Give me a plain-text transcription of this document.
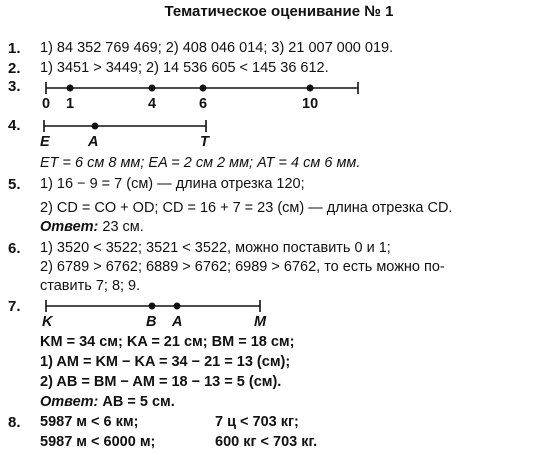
Тематическое оценивание № 1
1. 1) 84 352 769 469; 2) 408 046 014; 3) 21 007 000 019.
2. 1) 3451 > 3449; 2) 14 536 605 < 145 36 612.
3.
0 1	4	6	10
4.
E	A	T
ET = 6 см 8 мм; EA = 2 см 2 мм; AT = 4 см 6 мм.
5. 1) 16 − 9 = 7 (см) — длина отрезка 120;
2) CD = CO + OD; CD = 16 + 7 = 23 (см) — длина отрезка CD.
Ответ: 23 см.
6. 1) 3520 < 3522; 3521 < 3522, можно поставить 0 и 1;
2) 6789 > 6762; 6889 > 6762; 6989 > 6762, то есть можно по-
ставить 7; 8; 9.
7.
K	B A	M
KM = 34 см; KA = 21 см; BM = 18 см;
1) AM = KM − KA = 34 − 21 = 13 (см);
2) AB = BM − AM = 18 − 13 = 5 (см).
Ответ: AB = 5 см.
8. 5987 м < 6 км;	7 ц < 703 кг;
5987 м < 6000 м;	600 кг < 703 кг.
